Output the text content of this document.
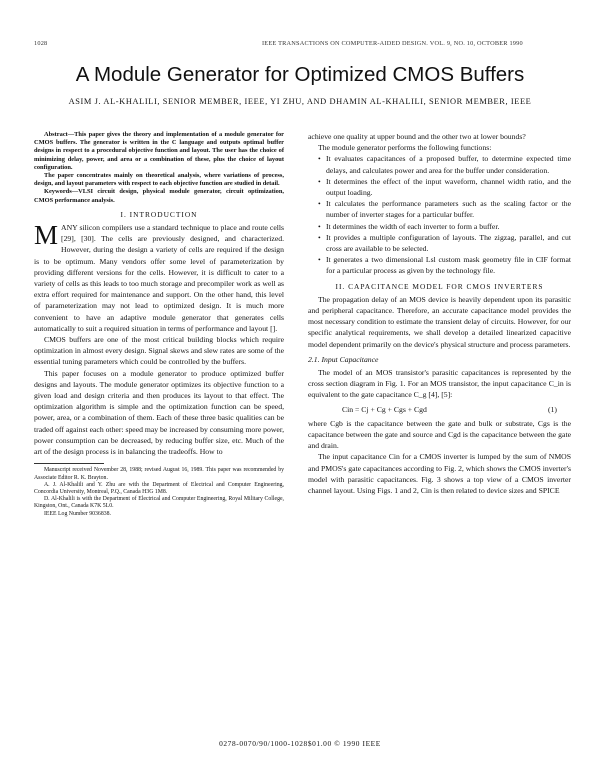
1028	IEEE TRANSACTIONS ON COMPUTER-AIDED DESIGN. VOL. 9, NO. 10, OCTOBER 1990
A Module Generator for Optimized CMOS Buffers
ASIM J. AL-KHALILI, SENIOR MEMBER, IEEE, YI ZHU, AND DHAMIN AL-KHALILI, SENIOR MEMBER, IEEE

Abstract—This paper gives the theory and implementation of a module generator for CMOS buffers. The generator is written in the C language and outputs optimal buffer designs in respect to a procedural objective function and layout. The user has the choice of minimizing delay, power, and area or a combination of these, plus the choice of layout configuration.

The paper concentrates mainly on theoretical analysis, where variations of process, design, and layout parameters with respect to each objective function are studied in detail.

Keywords—VLSI circuit design, physical module generator, circuit optimization, CMOS performance analysis.

I. INTRODUCTION

MANY silicon compilers use a standard technique to place and route cells [29], [30]. The cells are previously designed, and characterized. However, during the design a variety of cells are required if the design is to be optimum. Many vendors offer some level of parameterization by providing different versions for the cells. However, it is difficult to cater to a variety of cells as this leads to too much storage and precompiler work as well as extra effort required for maintenance and support. On the other hand, this level of parameterization may not lead to optimized design. It is much more convenient to have an adaptive module generator that generates cells automatically to suit a required situation in terms of performance and layout [].

CMOS buffers are one of the most critical building blocks which require optimization in almost every design. Signal skews and slew rates are some of the essential tuning parameters which could be controlled by the buffers.

This paper focuses on a module generator to produce optimized buffer designs and layouts. The module generator optimizes its objective function to a given load and design criteria and then produces its layout to that effect. The optimization algorithm is simple and the optimization function can be speed, power, area, or a combination of them. Each of these three basic qualities can be traded off against each other: speed may be increased by consuming more power, power consumption can be decreased, by reducing buffer size, etc. Much of the art of the design process is in balancing the tradeoffs. How to

Manuscript received November 28, 1988; revised August 16, 1989. This paper was recommended by Associate Editor R. K. Brayton.

A. J. Al-Khalili and Y. Zhu are with the Department of Electrical and Computer Engineering, Concordia University, Montreal, P.Q., Canada H3G 1M8.

D. Al-Khalili is with the Department of Electrical and Computer Engineering, Royal Military College, Kingston, Ont., Canada K7K 5L0.

IEEE Log Number 9036838.

achieve one quality at upper bound and the other two at lower bounds?

The module generator performs the following functions:

• It evaluates capacitances of a proposed buffer, to determine expected time delays, and calculates power and area for the buffer under consideration.
• It determines the effect of the input waveform, channel width ratio, and the output loading.
• It calculates the performance parameters such as the scaling factor or the number of inverter stages for a particular buffer.
• It determines the width of each inverter to form a buffer.
• It provides a multiple configuration of layouts. The zigzag, parallel, and cut cross are available to be selected.
• It generates a two dimensional Lsl custom mask geometry file in CIF format for a particular process as given by the technology file.

II. CAPACITANCE MODEL FOR CMOS INVERTERS

The propagation delay of an MOS device is heavily dependent upon its parasitic and peripheral capacitance. Therefore, an accurate capacitance model provides the most necessary condition to estimate the transient delay of circuits. However, for our specific analytical requirements, we shall develop a detailed linearized capacitive model dependent primarily on the device's physical structure and process parameters.

2.1. Input Capacitance

The model of an MOS transistor's parasitic capacitances is represented by the cross section diagram in Fig. 1. For an MOS transistor, the input capacitance C_in is equivalent to the gate capacitance C_g [4], [5]:

Cin = Cj + Cg + Cgs + Cgd	(1)

where Cgb is the capacitance between the gate and bulk or substrate, Cgs is the capacitance between the gate and source and Cgd is the capacitance between the gate and drain.

The input capacitance Cin for a CMOS inverter is lumped by the sum of NMOS and PMOS's gate capacitances according to Fig. 2, which shows the CMOS inverter's model with parasitic capacitances. Fig. 3 shows a top view of a CMOS inverter channel layout. Using Figs. 1 and 2, Cin is then related to device sizes and SPICE

0278-0070/90/1000-1028$01.00 © 1990 IEEE
